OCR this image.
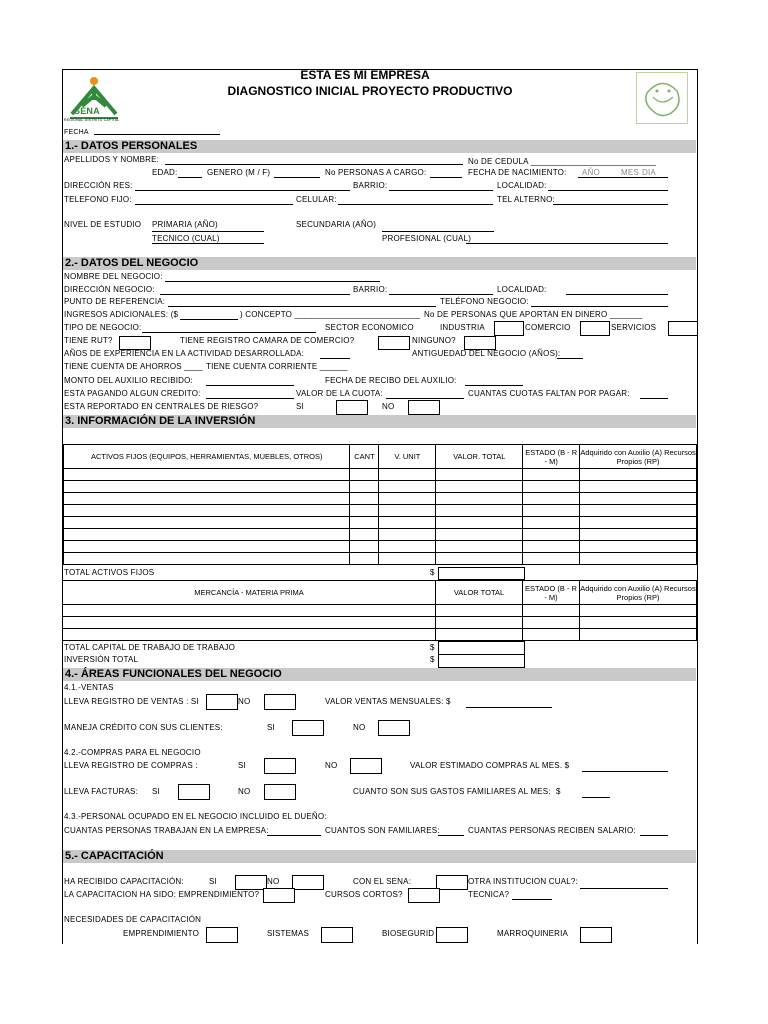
SENA
REGIONAL DISTRITO CAPITAL
ESTA ES MI EMPRESA
DIAGNOSTICO INICIAL PROYECTO PRODUCTIVO
FECHA
1.- DATOS PERSONALES
APELLIDOS Y NOMBRE:	No DE CEDULA ___________________________
EDAD:	GENERO (M / F)	No PERSONAS A CARGO:	FECHA DE NACIMIENTO: AÑO	MES DIA
DIRECCIÓN RES:	BARRIO:	LOCALIDAD:
TELEFONO FIJO:	CELULAR:	TEL ALTERNO:
NIVEL DE ESTUDIO PRIMARIA (AÑO)	SECUNDARIA (AÑO)
TECNICO (CUAL)	PROFESIONAL (CUAL)
2.- DATOS DEL NEGOCIO
NOMBRE DEL NEGOCIO:
DIRECCIÓN NEGOCIO:	BARRIO:	LOCALIDAD:
PUNTO DE REFERENCIA:	TELÉFONO NEGOCIO:
INGRESOS ADICIONALES: ($	) CONCEPTO ___________________________ No DE PERSONAS QUE APORTAN EN DINERO _______
TIPO DE NEGOCIO:	SECTOR ECONOMICO	INDUSTRIA	COMERCIO	SERVICIOS
TIENE RUT?	TIENE REGISTRO CAMARA DE COMERCIO?	NINGUNO?
AÑOS DE EXPERIENCIA EN LA ACTIVIDAD DESARROLLADA:	ANTIGUEDAD DEL NEGOCIO (AÑOS):
TIENE CUENTA DE AHORROS ____ TIENE CUENTA CORRIENTE ______
MONTO DEL AUXILIO RECIBIDO:	FECHA DE RECIBO DEL AUXILIO:
ESTA PAGANDO ALGUN CREDITO:	VALOR DE LA CUOTA:	CUANTAS CUOTAS FALTAN POR PAGAR:
ESTA REPORTADO EN CENTRALES DE RIESGO?	SI	NO
3. INFORMACIÓN DE LA INVERSIÓN
ACTIVOS FIJOS (EQUIPOS, HERRAMIENTAS, MUEBLES, OTROS)	CANT	V. UNIT	VALOR. TOTAL	ESTADO (B - R - M)	Adquirido con Auxilio (A) Recursos Propios (RP)

TOTAL ACTIVOS FIJOS	$
MERCANCÍA - MATERIA PRIMA	VALOR TOTAL	ESTADO (B - R - M)	Adquirido con Auxilio (A) Recursos Propios (RP)

TOTAL CAPITAL DE TRABAJO DE TRABAJO	$
INVERSIÓN TOTAL	$
4.- ÁREAS FUNCIONALES DEL NEGOCIO
4.1.-VENTAS
LLEVA REGISTRO DE VENTAS : SI	NO	VALOR VENTAS MENSUALES: $
MANEJA CRÉDITO CON SUS CLIENTES:	SI	NO
4.2.-COMPRAS PARA EL NEGOCIO
LLEVA REGISTRO DE COMPRAS :	SI	NO	VALOR ESTIMADO COMPRAS AL MES. $
LLEVA FACTURAS: SI	NO	CUANTO SON SUS GASTOS FAMILIARES AL MES: $
4.3.-PERSONAL OCUPADO EN EL NEGOCIO INCLUIDO EL DUEÑO:
CUANTAS PERSONAS TRABAJAN EN LA EMPRESA:	CUANTOS SON FAMILIARES:	CUANTAS PERSONAS RECIBEN SALARIO:
5.- CAPACITACIÓN
HA RECIBIDO CAPACITACIÓN:	SI	NO	CON EL SENA:	OTRA INSTITUCION CUAL?:
LA CAPACITACION HA SIDO: EMPRENDIMIENTO?	CURSOS CORTOS?	TECNICA?
NECESIDADES DE CAPACITACIÓN
EMPRENDIMIENTO	SISTEMAS	BIOSEGURID	MARROQUINERIA
